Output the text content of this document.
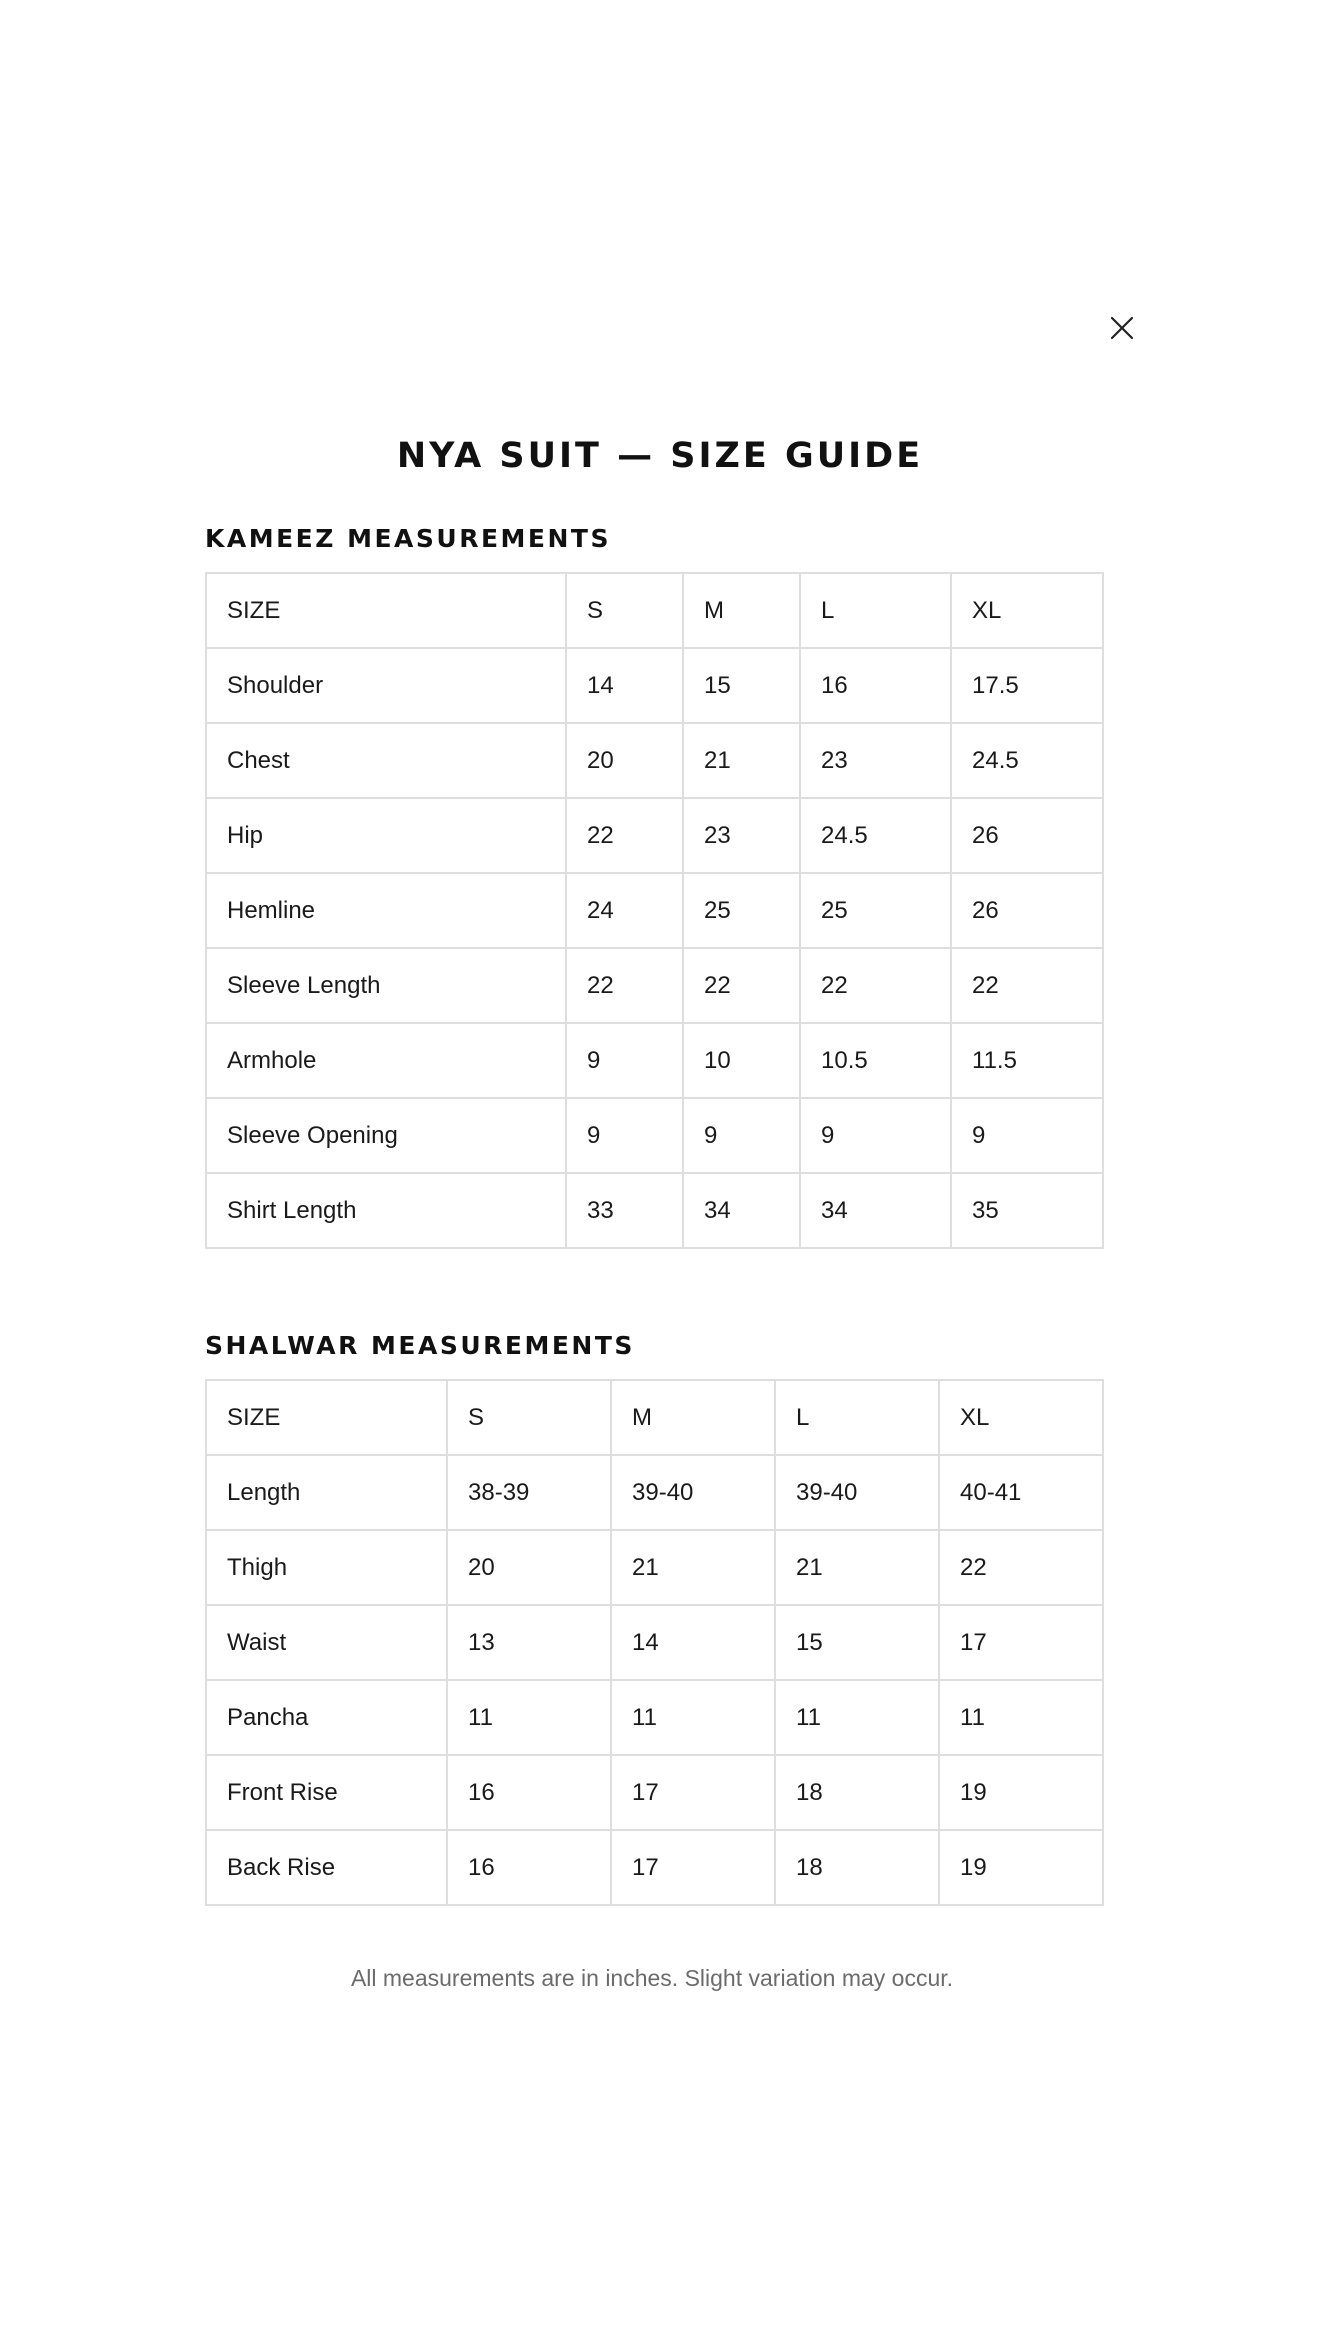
NYA SUIT — SIZE GUIDE
KAMEEZ MEASUREMENTS
SIZE	S	M	L	XL
Shoulder	14	15	16	17.5
Chest	20	21	23	24.5
Hip	22	23	24.5	26
Hemline	24	25	25	26
Sleeve Length	22	22	22	22
Armhole	9	10	10.5	11.5
Sleeve Opening	9	9	9	9
Shirt Length	33	34	34	35
SHALWAR MEASUREMENTS
SIZE	S	M	L	XL
Length	38-39	39-40	39-40	40-41
Thigh	20	21	21	22
Waist	13	14	15	17
Pancha	11	11	11	11
Front Rise	16	17	18	19
Back Rise	16	17	18	19

All measurements are in inches. Slight variation may occur.
